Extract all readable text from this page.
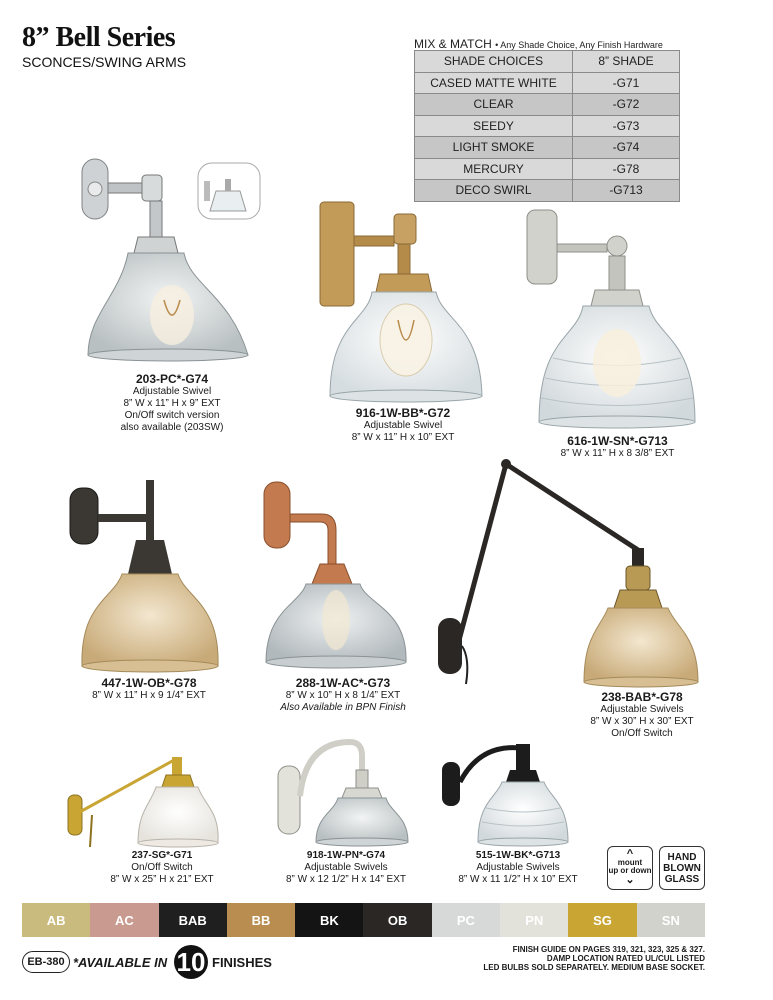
8” Bell Series
SCONCES/SWING ARMS
MIX & MATCH • Any Shade Choice, Any Finish Hardware
SHADE CHOICES	8” SHADE
CASED MATTE WHITE	-G71
CLEAR	-G72
SEEDY	-G73
LIGHT SMOKE	-G74
MERCURY	-G78
DECO SWIRL	-G713
203-PC*-G74
Adjustable Swivel
8” W x 11” H x 9” EXT
On/Off switch version
also available (203SW)
916-1W-BB*-G72
Adjustable Swivel
8” W x 11” H x 10” EXT	616-1W-SN*-G713
8” W x 11” H x 8 3/8” EXT
447-1W-OB*-G78
8” W x 11” H x 9 1/4” EXT
288-1W-AC*-G73
8” W x 10” H x 8 1/4” EXT
Also Available in BPN Finish
238-BAB*-G78
Adjustable Swivels
8” W x 30” H x 30” EXT
On/Off Switch
237-SG*-G71
On/Off Switch
8” W x 25” H x 21” EXT
918-1W-PN*-G74
Adjustable Swivels
8” W x 12 1/2” H x 14” EXT
515-1W-BK*-G713
Adjustable Swivels
8” W x 11 1/2” H x 10” EXT
^
mount
up or down
⌄
HAND
BLOWN
GLASS
AB	AC	BAB	BB	BK	OB	PC	PN	SG	SN
EB-380 *AVAILABLE IN 10 FINISHES
FINISH GUIDE ON PAGES 319, 321, 323, 325 & 327.
DAMP LOCATION RATED UL/CUL LISTED
LED BULBS SOLD SEPARATELY. MEDIUM BASE SOCKET.
